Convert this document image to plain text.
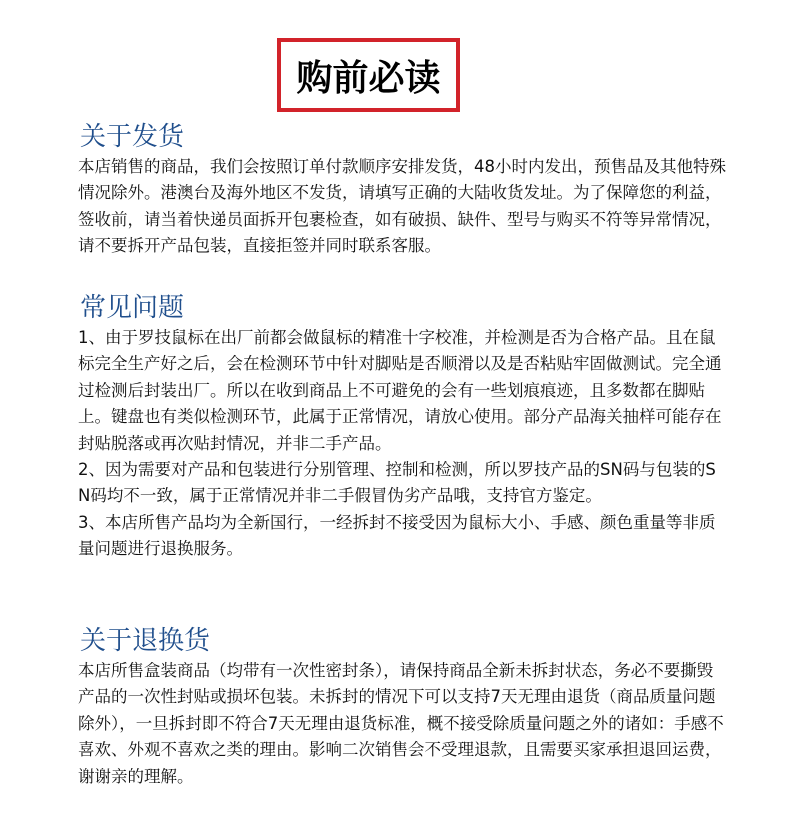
购前必读
关于发货

本店销售的商品，我们会按照订单付款顺序安排发货，48小时内发出，预售品及其他特殊情况除外。港澳台及海外地区不发货，请填写正确的大陆收货发址。为了保障您的利益，签收前，请当着快递员面拆开包裹检查，如有破损、缺件、型号与购买不符等异常情况，请不要拆开产品包装，直接拒签并同时联系客服。

常见问题

1、由于罗技鼠标在出厂前都会做鼠标的精准十字校准，并检测是否为合格产品。且在鼠标完全生产好之后，会在检测环节中针对脚贴是否顺滑以及是否粘贴牢固做测试。完全通过检测后封装出厂。所以在收到商品上不可避免的会有一些划痕痕迹，且多数都在脚贴上。键盘也有类似检测环节，此属于正常情况，请放心使用。部分产品海关抽样可能存在封贴脱落或再次贴封情况，并非二手产品。

2、因为需要对产品和包装进行分别管理、控制和检测，所以罗技产品的SN码与包装的SN码均不一致，属于正常情况并非二手假冒伪劣产品哦，支持官方鉴定。

3、本店所售产品均为全新国行，一经拆封不接受因为鼠标大小、手感、颜色重量等非质量问题进行退换服务。

关于退换货

本店所售盒装商品（均带有一次性密封条），请保持商品全新未拆封状态，务必不要撕毁产品的一次性封贴或损坏包装。未拆封的情况下可以支持7天无理由退货（商品质量问题除外），一旦拆封即不符合7天无理由退货标准，概不接受除质量问题之外的诸如：手感不喜欢、外观不喜欢之类的理由。影响二次销售会不受理退款，且需要买家承担退回运费，谢谢亲的理解。
